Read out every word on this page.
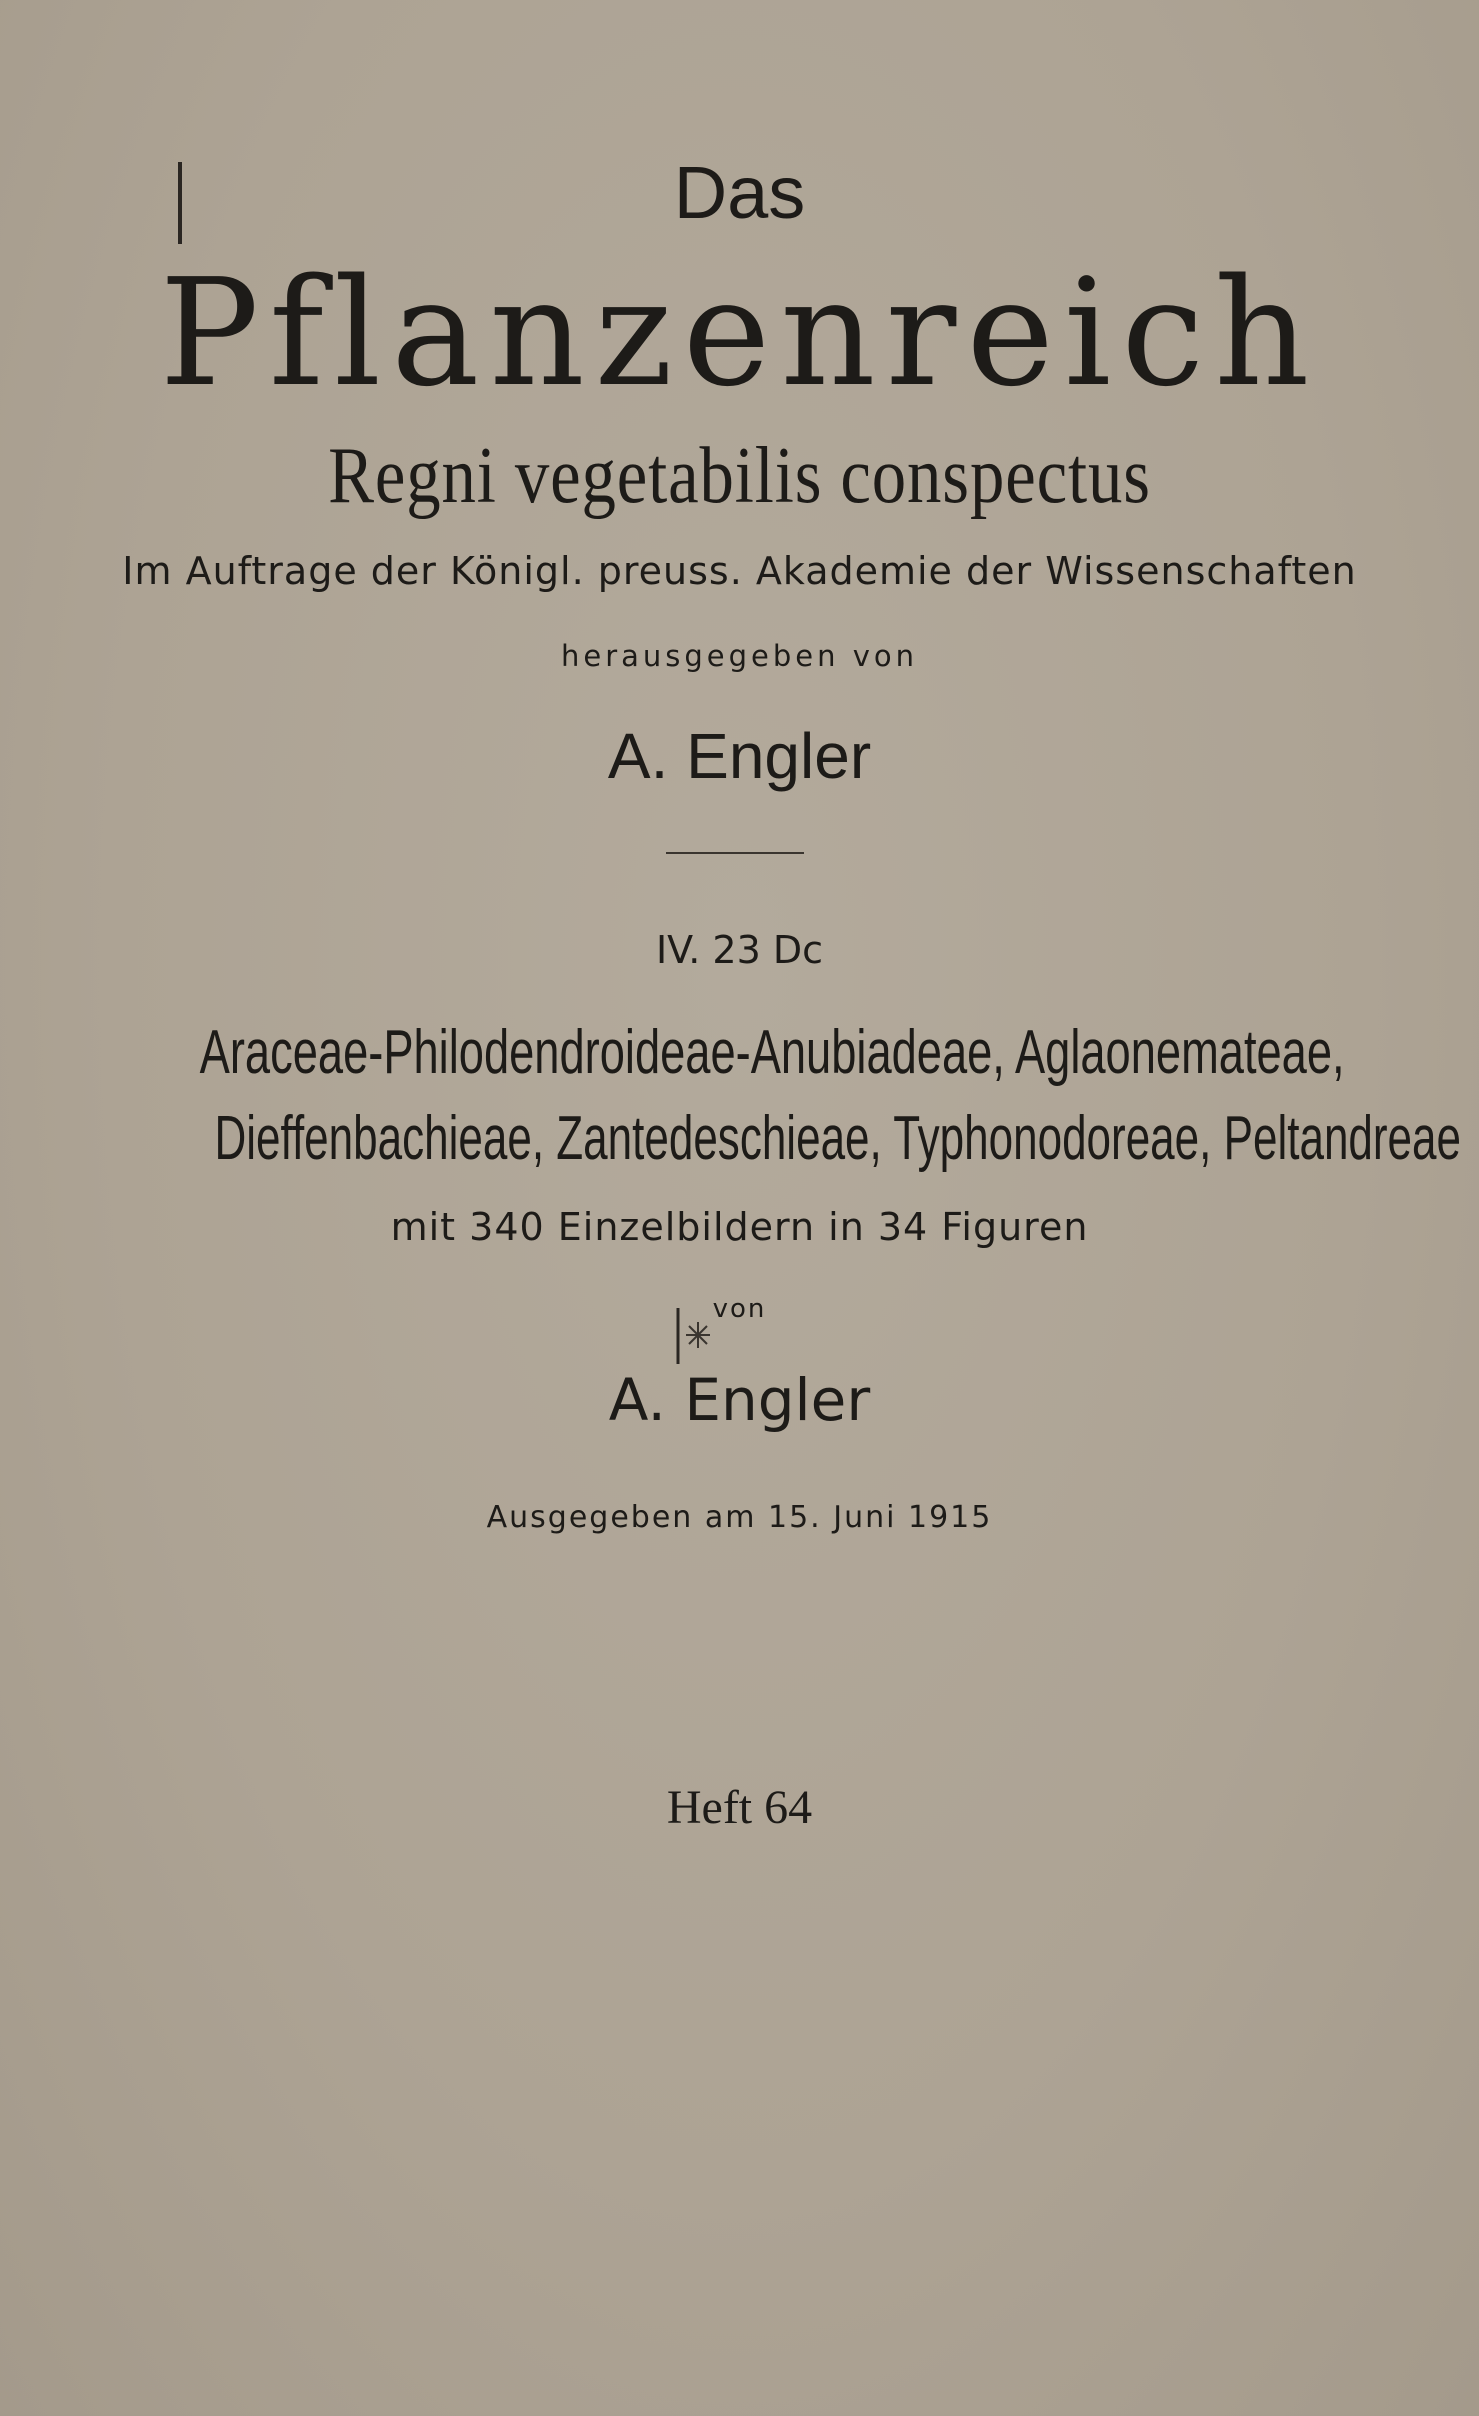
Das
Pflanzenreich
Regni vegetabilis conspectus
Im Auftrage der Königl. preuss. Akademie der Wissenschaften
herausgegeben von
A. Engler
IV. 23 Dc
Araceae-Philodendroideae-Anubiadeae, Aglaonemateae,
Dieffenbachieae, Zantedeschieae, Typhonodoreae, Peltandreae
mit 340 Einzelbildern in 34 Figuren
von
A. Engler
Ausgegeben am 15. Juni 1915
Heft 64
